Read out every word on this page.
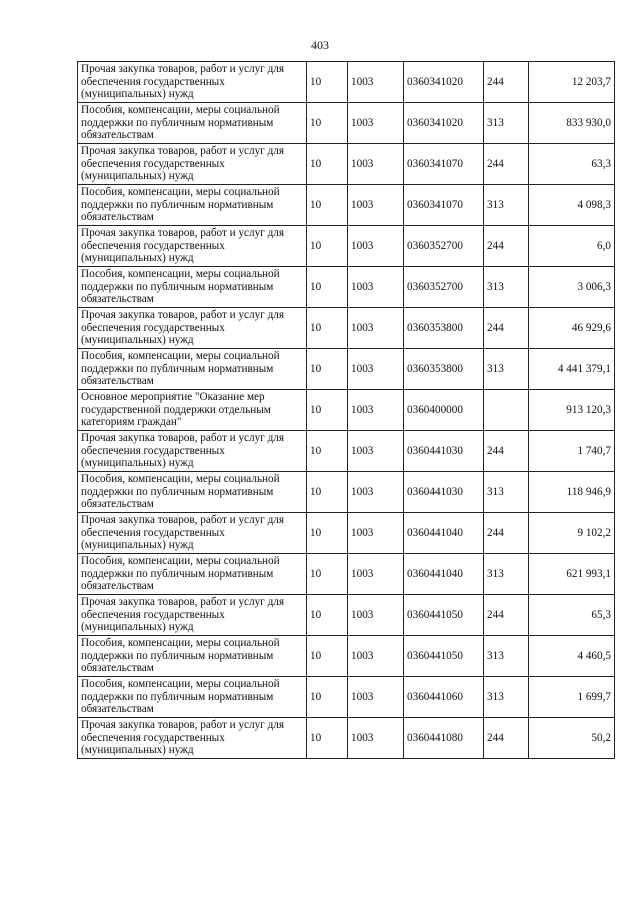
403
Прочая закупка товаров, работ и услуг для обеспечения государственных (муниципальных) нужд	10	1003	0360341020	244	12 203,7
Пособия, компенсации, меры социальной поддержки по публичным нормативным обязательствам	10	1003	0360341020	313	833 930,0
Прочая закупка товаров, работ и услуг для обеспечения государственных (муниципальных) нужд	10	1003	0360341070	244	63,3
Пособия, компенсации, меры социальной поддержки по публичным нормативным обязательствам	10	1003	0360341070	313	4 098,3
Прочая закупка товаров, работ и услуг для обеспечения государственных (муниципальных) нужд	10	1003	0360352700	244	6,0
Пособия, компенсации, меры социальной поддержки по публичным нормативным обязательствам	10	1003	0360352700	313	3 006,3
Прочая закупка товаров, работ и услуг для обеспечения государственных (муниципальных) нужд	10	1003	0360353800	244	46 929,6
Пособия, компенсации, меры социальной поддержки по публичным нормативным обязательствам	10	1003	0360353800	313	4 441 379,1
Основное мероприятие "Оказание мер государственной поддержки отдельным категориям граждан"	10	1003	0360400000		913 120,3
Прочая закупка товаров, работ и услуг для обеспечения государственных (муниципальных) нужд	10	1003	0360441030	244	1 740,7
Пособия, компенсации, меры социальной поддержки по публичным нормативным обязательствам	10	1003	0360441030	313	118 946,9
Прочая закупка товаров, работ и услуг для обеспечения государственных (муниципальных) нужд	10	1003	0360441040	244	9 102,2
Пособия, компенсации, меры социальной поддержки по публичным нормативным обязательствам	10	1003	0360441040	313	621 993,1
Прочая закупка товаров, работ и услуг для обеспечения государственных (муниципальных) нужд	10	1003	0360441050	244	65,3
Пособия, компенсации, меры социальной поддержки по публичным нормативным обязательствам	10	1003	0360441050	313	4 460,5
Пособия, компенсации, меры социальной поддержки по публичным нормативным обязательствам	10	1003	0360441060	313	1 699,7
Прочая закупка товаров, работ и услуг для обеспечения государственных (муниципальных) нужд	10	1003	0360441080	244	50,2
